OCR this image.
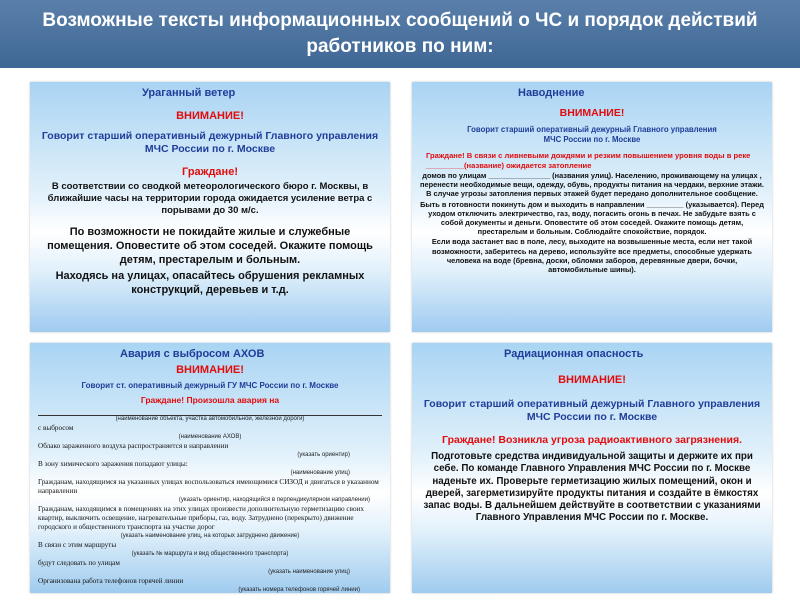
Возможные тексты информационных сообщений о ЧС и порядок действий
работников по ним:
Ураганный ветер
ВНИМАНИЕ!
Говорит старший оперативный дежурный Главного управления
МЧС России по г. Москве
Граждане!
В соответствии со сводкой метеорологического бюро г. Москвы, в ближайшие часы на территории города ожидается усиление ветра с порывами до 30 м/с.
По возможности не покидайте жилые и служебные помещения. Оповестите об этом соседей. Окажите помощь детям, престарелым и больным.
Находясь на улицах, опасайтесь обрушения рекламных конструкций, деревьев и т.д.
Наводнение
ВНИМАНИЕ!
Говорит старший оперативный дежурный Главного управления
МЧС России по г. Москве
Граждане! В связи с ливневыми дождями и резким повышением уровня воды в реке
_________(название) ожидается затопление
домов по улицам _______________ (названия улиц). Населению, проживающему на улицах , перенести необходимые вещи, одежду, обувь, продукты питания на чердаки, верхние этажи. В случае угрозы затопления первых этажей будет передано дополнительное сообщение.
Быть в готовности покинуть дом и выходить в направлении _________ (указывается). Перед уходом отключить электричество, газ, воду, погасить огонь в печах. Не забудьте взять с собой документы и деньги. Оповестите об этом соседей. Окажите помощь детям, престарелым и больным. Соблюдайте спокойствие, порядок.
Если вода застанет вас в поле, лесу, выходите на возвышенные места, если нет такой возможности, заберитесь на дерево, используйте все предметы, способные удержать человека на воде (бревна, доски, обломки заборов, деревянные двери, бочки, автомобильные шины).
Авария с выбросом АХОВ
ВНИМАНИЕ!
Говорит ст. оперативный дежурный ГУ МЧС России по г. Москве
Граждане! Произошла авария на
(наименование объекта, участка автомобильной, железной дороги)
с выбросом
(наименование АХОВ)
Облако зараженного воздуха распространяется в направлении
(указать ориентир)
В зону химического заражения попадают улицы:
(наименование улиц)
Гражданам, находящимся на указанных улицах воспользоваться имеющимися СИЗОД и двигаться в указанном направлении
(указать ориентир, находящийся в перпендикулярном направлении)
Гражданам, находящимся в помещениях на этих улицах произвести дополнительную герметизацию своих квартир, выключить освещение, нагревательные приборы, газ, воду. Затруднено (перекрыто) движение городского и общественного транспорта на участке дорог
(указать наименование улиц, на которых затруднено движение)
В связи с этим маршруты
(указать № маршрута и вид общественного транспорта)
будут следовать по улицам
(указать наименование улиц)
Организована работа телефонов горячей линии
(указать номера телефонов горячей линии)
Радиационная опасность
ВНИМАНИЕ!
Говорит старший оперативный дежурный Главного управления
МЧС России по г. Москве
Граждане! Возникла угроза радиоактивного загрязнения.
Подготовьте средства индивидуальной защиты и держите их при себе. По команде Главного Управления МЧС России по г. Москве наденьте их. Проверьте герметизацию жилых помещений, окон и дверей, загерметизируйте продукты питания и создайте в ёмкостях запас воды. В дальнейшем действуйте в соответствии с указаниями Главного Управления МЧС России по г. Москве.
